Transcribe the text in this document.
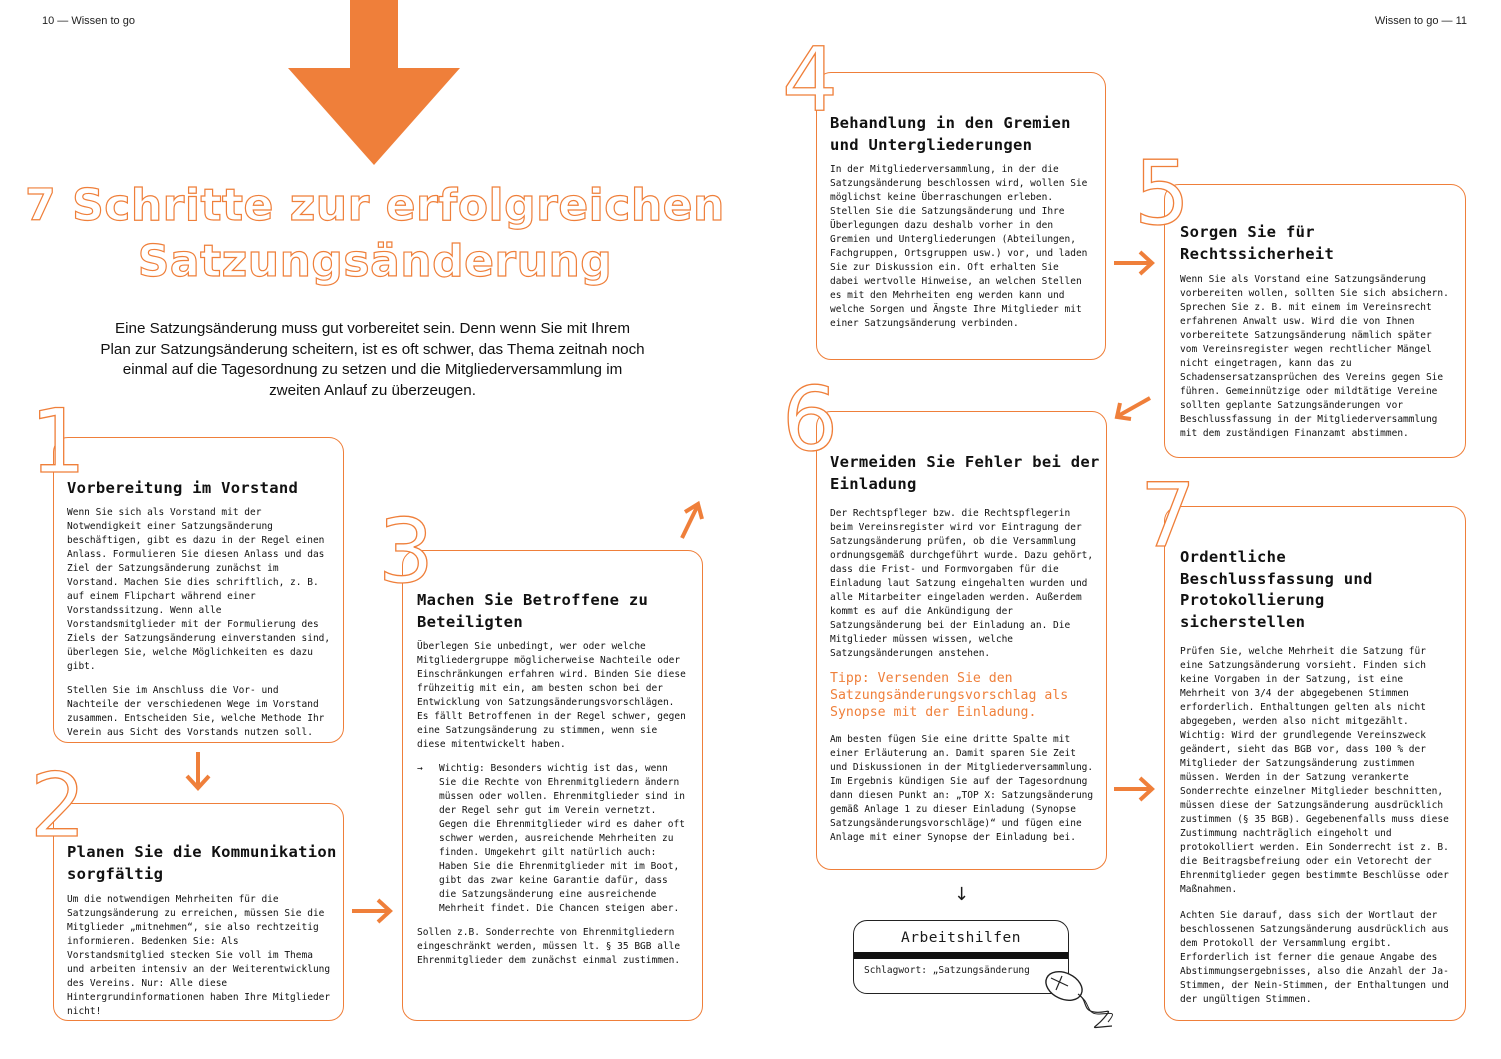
10 — Wissen to go	Wissen to go — 11
7 Schritte zur erfolgreichen
Satzungsänderung
Eine Satzungsänderung muss gut vorbereitet sein. Denn wenn Sie mit Ihrem Plan zur Satzungsänderung scheitern, ist es oft schwer, das Thema zeitnah noch einmal auf die Tagesordnung zu setzen und die Mitgliederversammlung im zweiten Anlauf zu überzeugen.
1
Vorbereitung im Vorstand

Wenn Sie sich als Vorstand mit der Notwendigkeit einer Satzungsänderung beschäftigen, gibt es dazu in der Regel einen Anlass. Formulieren Sie diesen Anlass und das Ziel der Satzungsänderung zunächst im Vorstand. Machen Sie dies schriftlich, z. B. auf einem Flipchart während einer Vorstandssitzung. Wenn alle Vorstandsmitglieder mit der Formulierung des Ziels der Satzungsänderung einverstanden sind, überlegen Sie, welche Möglichkeiten es dazu gibt.

Stellen Sie im Anschluss die Vor- und Nachteile der verschiedenen Wege im Vorstand zusammen. Entscheiden Sie, welche Methode Ihr Verein aus Sicht des Vorstands nutzen soll.

2
Planen Sie die Kommunikation sorgfältig

Um die notwendigen Mehrheiten für die Satzungsänderung zu erreichen, müssen Sie die Mitglieder „mitnehmen“, sie also rechtzeitig informieren. Bedenken Sie: Als Vorstandsmitglied stecken Sie voll im Thema und arbeiten intensiv an der Weiterentwicklung des Vereins. Nur: Alle diese Hintergrundinformationen haben Ihre Mitglieder nicht!

3
Machen Sie Betroffene zu Beteiligten

Überlegen Sie unbedingt, wer oder welche Mitgliedergruppe möglicherweise Nachteile oder Einschränkungen erfahren wird. Binden Sie diese frühzeitig mit ein, am besten schon bei der Entwicklung von Satzungsänderungsvorschlägen. Es fällt Betroffenen in der Regel schwer, gegen eine Satzungsänderung zu stimmen, wenn sie diese mitentwickelt haben.

→	Wichtig: Besonders wichtig ist das, wenn Sie die Rechte von Ehrenmitgliedern ändern müssen oder wollen. Ehrenmitglieder sind in der Regel sehr gut im Verein vernetzt. Gegen die Ehrenmitglieder wird es daher oft schwer werden, ausreichende Mehrheiten zu finden. Umgekehrt gilt natürlich auch: Haben Sie die Ehrenmitglieder mit im Boot, gibt das zwar keine Garantie dafür, dass die Satzungsänderung eine ausreichende Mehrheit findet. Die Chancen steigen aber.

Sollen z.B. Sonderrechte von Ehrenmitgliedern eingeschränkt werden, müssen lt. § 35 BGB alle Ehrenmitglieder dem zunächst einmal zustimmen.

4
Behandlung in den Gremien und Untergliederungen

In der Mitgliederversammlung, in der die Satzungsänderung beschlossen wird, wollen Sie möglichst keine Überraschungen erleben. Stellen Sie die Satzungsänderung und Ihre Überlegungen dazu deshalb vorher in den Gremien und Untergliederungen (Abteilungen, Fachgruppen, Ortsgruppen usw.) vor, und laden Sie zur Diskussion ein. Oft erhalten Sie dabei wertvolle Hinweise, an welchen Stellen es mit den Mehrheiten eng werden kann und welche Sorgen und Ängste Ihre Mitglieder mit einer Satzungsänderung verbinden.

5
Sorgen Sie für Rechtssicherheit

Wenn Sie als Vorstand eine Satzungsänderung vorbereiten wollen, sollten Sie sich absichern. Sprechen Sie z. B. mit einem im Vereinsrecht erfahrenen Anwalt usw. Wird die von Ihnen vorbereitete Satzungsänderung nämlich später vom Vereinsregister wegen rechtlicher Mängel nicht eingetragen, kann das zu Schadensersatzansprüchen des Vereins gegen Sie führen. Gemeinnützige oder mildtätige Vereine sollten geplante Satzungsänderungen vor Beschlussfassung in der Mitgliederversammlung mit dem zuständigen Finanzamt abstimmen.

6
Vermeiden Sie Fehler bei der Einladung

Der Rechtspfleger bzw. die Rechtspflegerin beim Vereinsregister wird vor Eintragung der Satzungsänderung prüfen, ob die Versammlung ordnungsgemäß durchgeführt wurde. Dazu gehört, dass die Frist- und Formvorgaben für die Einladung laut Satzung eingehalten wurden und alle Mitarbeiter eingeladen werden. Außerdem kommt es auf die Ankündigung der Satzungsänderung bei der Einladung an. Die Mitglieder müssen wissen, welche Satzungsänderungen anstehen.

Tipp: Versenden Sie den Satzungsänderungsvorschlag als Synopse mit der Einladung.

Am besten fügen Sie eine dritte Spalte mit einer Erläuterung an. Damit sparen Sie Zeit und Diskussionen in der Mitgliederversammlung. Im Ergebnis kündigen Sie auf der Tagesordnung dann diesen Punkt an: „TOP X: Satzungsänderung gemäß Anlage 1 zu dieser Einladung (Synopse Satzungsänderungsvorschläge)“ und fügen eine Anlage mit einer Synopse der Einladung bei.

7
Ordentliche Beschlussfassung und Protokollierung sicherstellen

Prüfen Sie, welche Mehrheit die Satzung für eine Satzungsänderung vorsieht. Finden sich keine Vorgaben in der Satzung, ist eine Mehrheit von 3/4 der abgegebenen Stimmen erforderlich. Enthaltungen gelten als nicht abgegeben, werden also nicht mitgezählt. Wichtig: Wird der grundlegende Vereinszweck geändert, sieht das BGB vor, dass 100 % der Mitglieder der Satzungsänderung zustimmen müssen. Werden in der Satzung verankerte Sonderrechte einzelner Mitglieder beschnitten, müssen diese der Satzungsänderung ausdrücklich zustimmen (§ 35 BGB). Gegebenenfalls muss diese Zustimmung nachträglich eingeholt und protokolliert werden. Ein Sonderrecht ist z. B. die Beitragsbefreiung oder ein Vetorecht der Ehrenmitglieder gegen bestimmte Beschlüsse oder Maßnahmen.

Achten Sie darauf, dass sich der Wortlaut der beschlossenen Satzungsänderung ausdrücklich aus dem Protokoll der Versammlung ergibt. Erforderlich ist ferner die genaue Angabe des Abstimmungsergebnisses, also die Anzahl der Ja-Stimmen, der Nein-Stimmen, der Enthaltungen und der ungültigen Stimmen.

↓
Arbeitshilfen
Schlagwort: „Satzungsänderung
